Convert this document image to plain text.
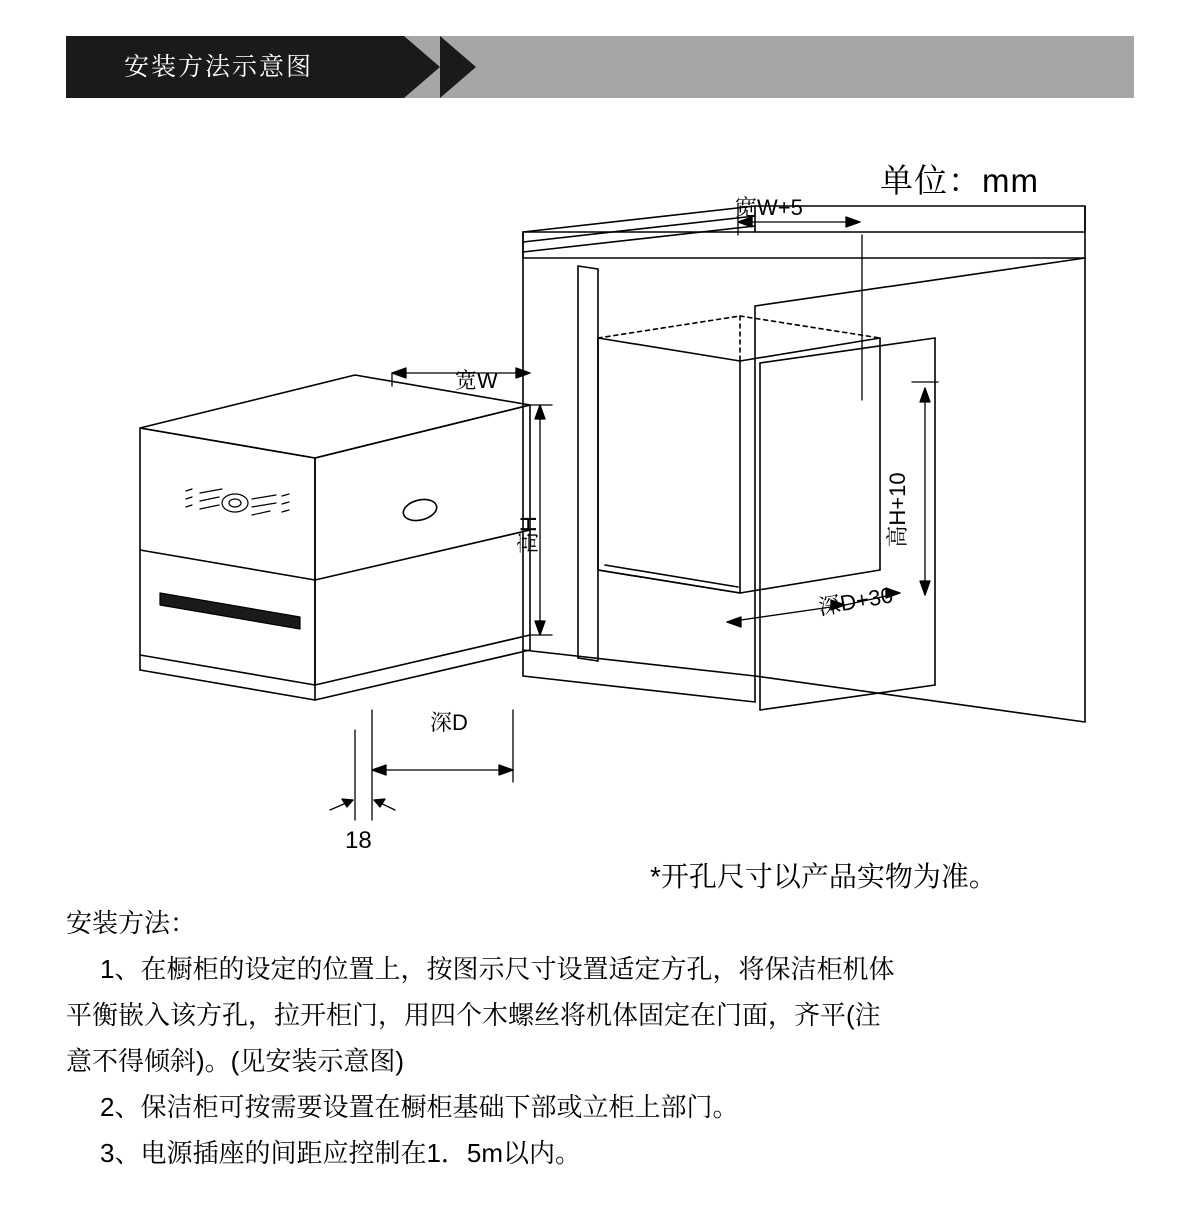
安装方法示意图
单位：mm
宽W+5
宽W
高H	高H+10
深D
深D+30
18
*开孔尺寸以产品实物为准。
安装方法：
1、在橱柜的设定的位置上，按图示尺寸设置适定方孔，将保洁柜机体
平衡嵌入该方孔，拉开柜门，用四个木螺丝将机体固定在门面，齐平(注
意不得倾斜)。(见安装示意图)
2、保洁柜可按需要设置在橱柜基础下部或立柜上部门。
3、电源插座的间距应控制在1．5m以内。
